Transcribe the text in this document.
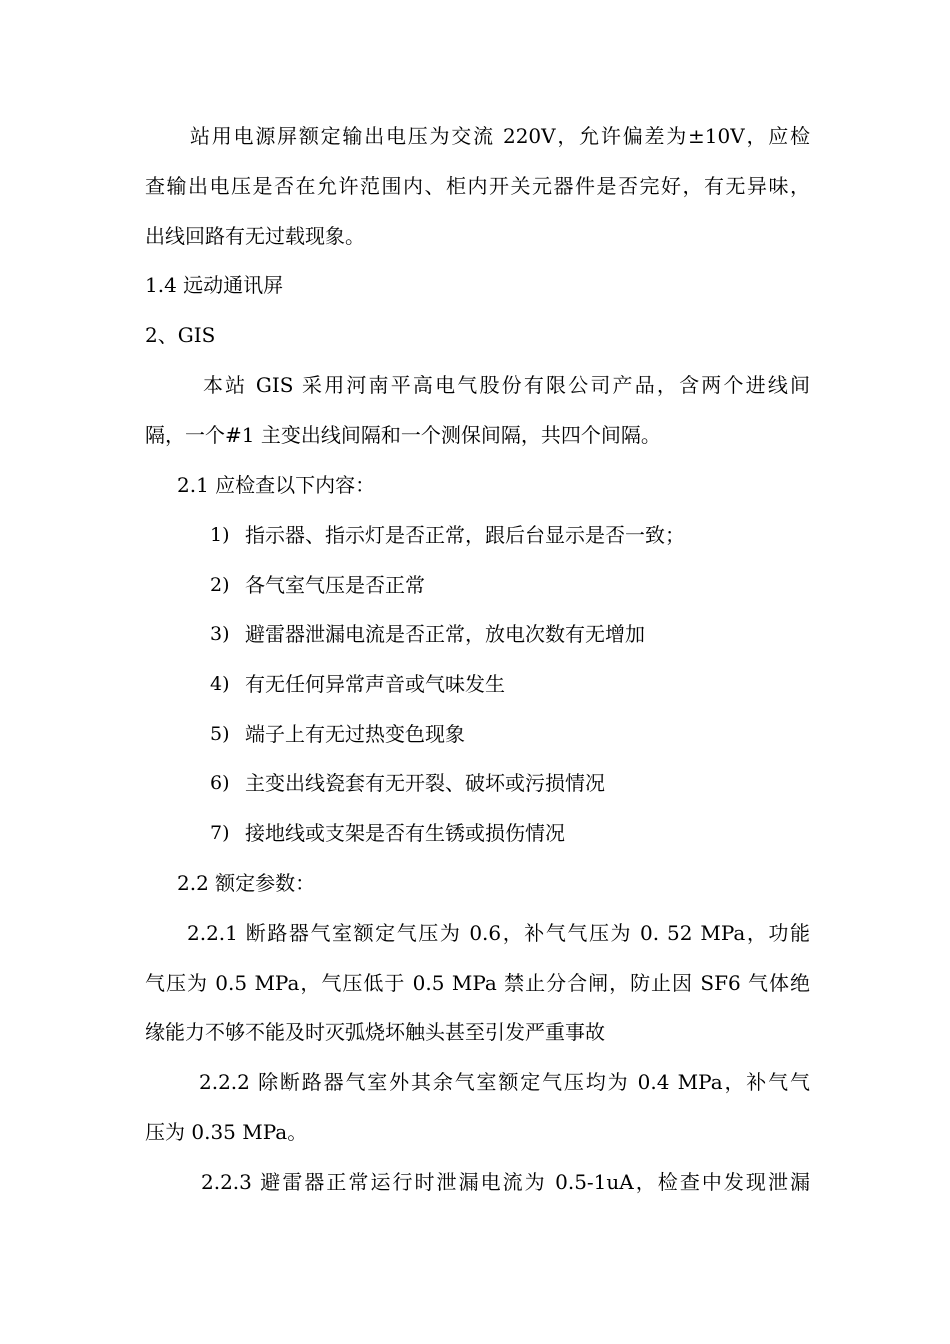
站用电源屏额定输出电压为交流 220V，允许偏差为±10V，应检
查输出电压是否在允许范围内、柜内开关元器件是否完好，有无异味，
出线回路有无过载现象。
1.4 远动通讯屏
2、GIS
本站 GIS 采用河南平高电气股份有限公司产品，含两个进线间
隔，一个#1 主变出线间隔和一个测保间隔，共四个间隔。
2.1 应检查以下内容：
1) 指示器、指示灯是否正常，跟后台显示是否一致；
2) 各气室气压是否正常
3) 避雷器泄漏电流是否正常，放电次数有无增加
4) 有无任何异常声音或气味发生
5) 端子上有无过热变色现象
6) 主变出线瓷套有无开裂、破坏或污损情况
7) 接地线或支架是否有生锈或损伤情况
2.2 额定参数：
2.2.1 断路器气室额定气压为 0.6，补气气压为 0. 52 MPa，功能
气压为 0.5 MPa，气压低于 0.5 MPa 禁止分合闸，防止因 SF6 气体绝
缘能力不够不能及时灭弧烧坏触头甚至引发严重事故
2.2.2 除断路器气室外其余气室额定气压均为 0.4 MPa，补气气
压为 0.35 MPa。
2.2.3 避雷器正常运行时泄漏电流为 0.5-1uA，检查中发现泄漏
